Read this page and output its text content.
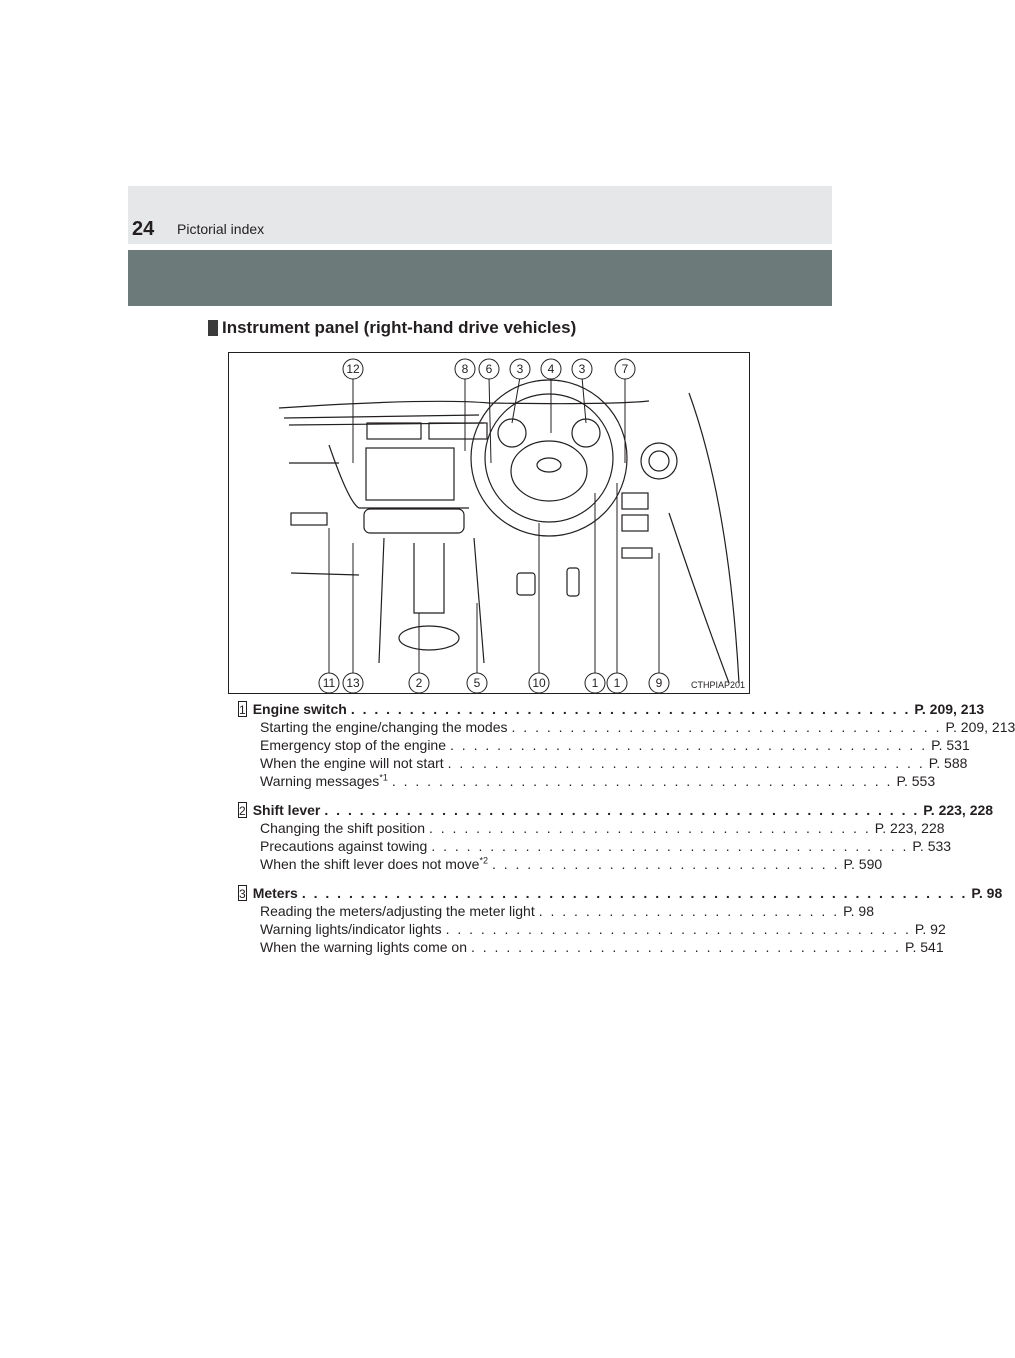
24 Pictorial index
Instrument panel (right-hand drive vehicles)
12	8 6 3 4 3	7
11 13	2	5	10	1 1	9	CTHPIAP201
1 Engine switch . . . . . . . . . . . . . . . . . . . . . . . . . . . . . . . . . . . . . . . . . . . . . . . . P. 209, 213
Starting the engine/changing the modes . . . . . . . . . . . . . . . . . . . . . . . . . . . . . . . . . . . . . P. 209, 213
Emergency stop of the engine . . . . . . . . . . . . . . . . . . . . . . . . . . . . . . . . . . . . . . . . . P. 531
When the engine will not start . . . . . . . . . . . . . . . . . . . . . . . . . . . . . . . . . . . . . . . . . P. 588
Warning messages$^{*1}$ . . . . . . . . . . . . . . . . . . . . . . . . . . . . . . . . . . . . . . . . . . . P. 553
2 Shift lever . . . . . . . . . . . . . . . . . . . . . . . . . . . . . . . . . . . . . . . . . . . . . . . . . . . P. 223, 228
Changing the shift position . . . . . . . . . . . . . . . . . . . . . . . . . . . . . . . . . . . . . . P. 223, 228
Precautions against towing . . . . . . . . . . . . . . . . . . . . . . . . . . . . . . . . . . . . . . . . . P. 533
When the shift lever does not move$^{*2}$ . . . . . . . . . . . . . . . . . . . . . . . . . . . . . . P. 590
3 Meters . . . . . . . . . . . . . . . . . . . . . . . . . . . . . . . . . . . . . . . . . . . . . . . . . . . . . . . . . P. 98
Reading the meters/adjusting the meter light . . . . . . . . . . . . . . . . . . . . . . . . . . P. 98
Warning lights/indicator lights . . . . . . . . . . . . . . . . . . . . . . . . . . . . . . . . . . . . . . . . P. 92
When the warning lights come on . . . . . . . . . . . . . . . . . . . . . . . . . . . . . . . . . . . . . P. 541
